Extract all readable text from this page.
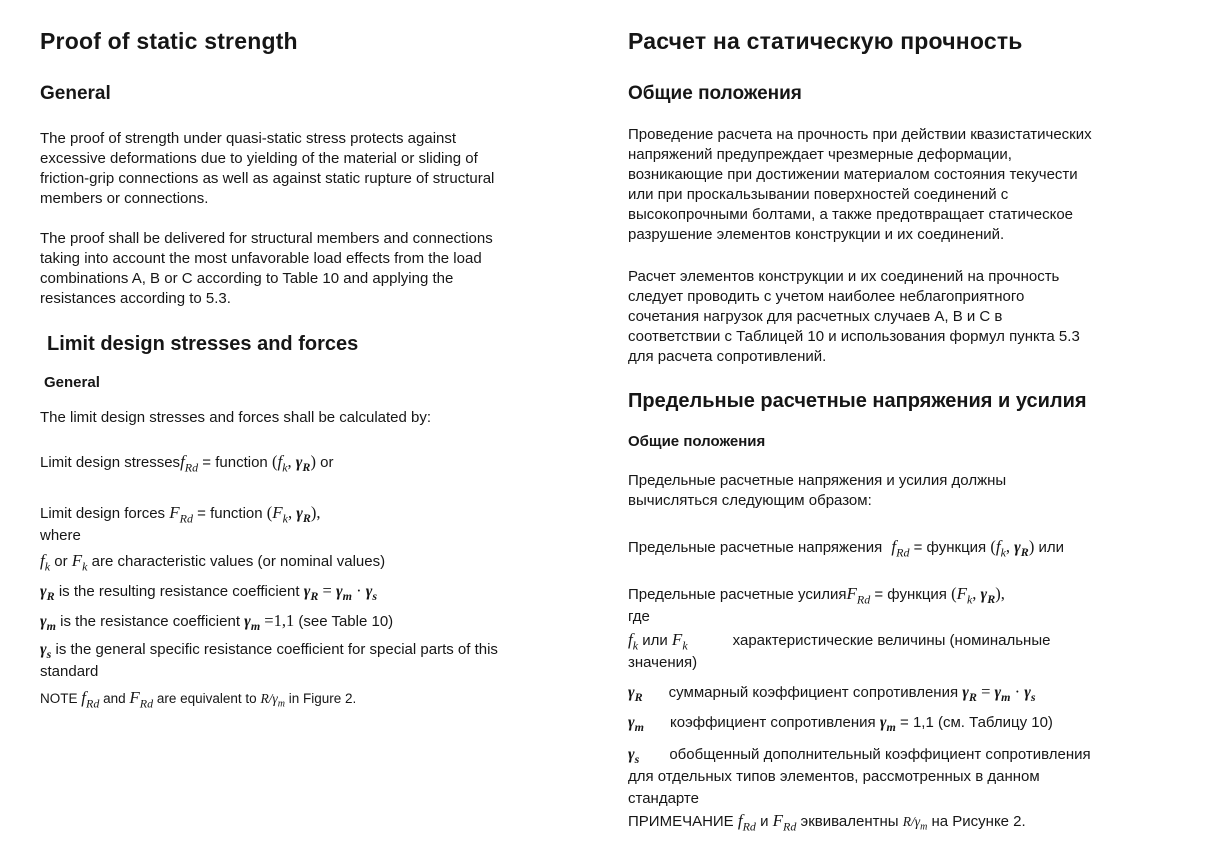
Proof of static strength
General

The proof of strength under quasi-static stress protects against
excessive deformations due to yielding of the material or sliding of
friction-grip connections as well as against static rupture of structural
members or connections.

The proof shall be delivered for structural members and connections
taking into account the most unfavorable load effects from the load
combinations A, B or C according to Table 10 and applying the
resistances according to 5.3.

Limit design stresses and forces
General

The limit design stresses and forces shall be calculated by:

Limit design stressesf$_{Rd}$ = function ($f_k$, $\gamma_R$) or

Limit design forces $F_{Rd}$ = function ($F_k$, $\gamma_R$),

where

$f_k$ or $F_k$ are characteristic values (or nominal values)

$\gamma_R$ is the resulting resistance coefficient $\gamma_R = \gamma_m \cdot \gamma_s$

$\gamma_m$ is the resistance coefficient $\gamma_m =1,1$ (see Table 10)

$\gamma_s$ is the general specific resistance coefficient for special parts of this
standard

NOTE $f_{Rd}$ and $F_{Rd}$ are equivalent to $R/\gamma_m$ in Figure 2.

Расчет на статическую прочность
Общие положения

Проведение расчета на прочность при действии квазистатических
напряжений предупреждает чрезмерные деформации,
возникающие при достижении материалом состояния текучести
или при проскальзывании поверхностей соединений с
высокопрочными болтами, а также предотвращает статическое
разрушение элементов конструкции и их соединений.

Расчет элементов конструкции и их соединений на прочность
следует проводить с учетом наиболее неблагоприятного
сочетания нагрузок для расчетных случаев А, В и С в
соответствии с Таблицей 10 и использования формул пункта 5.3
для расчета сопротивлений.

Предельные расчетные напряжения и усилия
Общие положения

Предельные расчетные напряжения и усилия должны
вычисляться следующим образом:

Предельные расчетные напряжения $f_{Rd}$ = функция ($f_k$, $\gamma_R$) или

Предельные расчетные усилияF$_{Rd}$ = функция ($F_k$, $\gamma_R$),

где

$f_k$ или $F_k$	характеристические величины (номинальные
значения)

$\gamma_R$ суммарный коэффициент сопротивления $\gamma_R = \gamma_m \cdot \gamma_s$

$\gamma_m$ коэффициент сопротивления $\gamma_m = 1,1$ (см. Таблицу 10)

$\gamma_s$ обобщенный дополнительный коэффициент сопротивления
для отдельных типов элементов, рассмотренных в данном
стандарте

ПРИМЕЧАНИЕ $f_{Rd}$ и $F_{Rd}$ эквивалентны $R/\gamma_m$ на Рисунке 2.
